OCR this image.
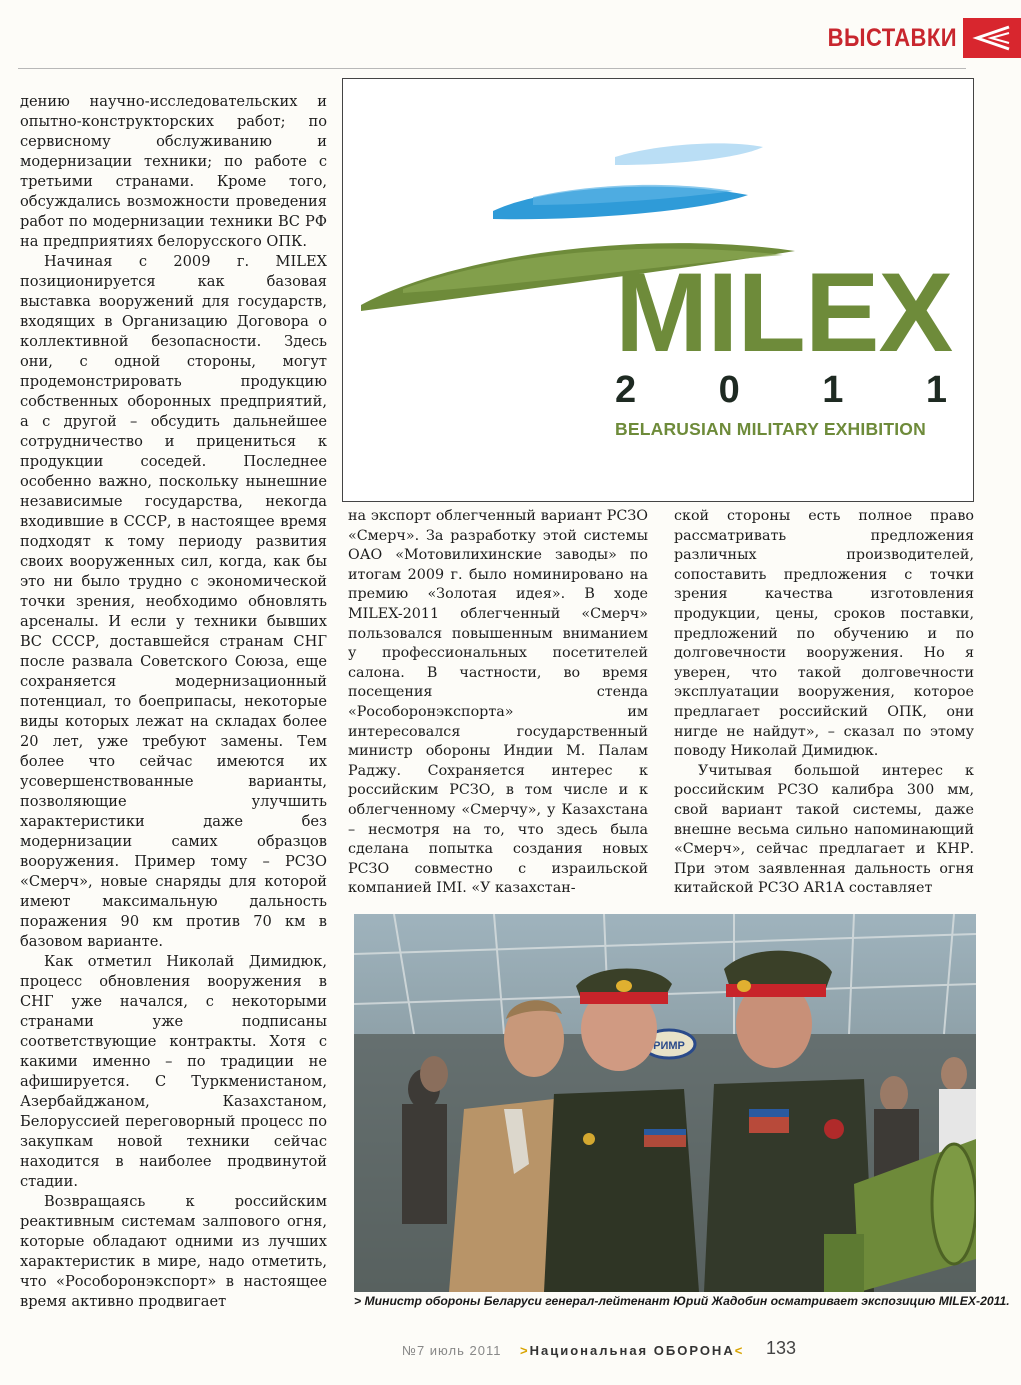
ВЫСТАВКИ
MILEX
2 0 1 1
BELARUSIAN MILITARY EXHIBITION

дению научно-исследовательских и опытно-конструкторских работ; по сервисному обслуживанию и модернизации техники; по работе с третьими странами. Кроме того, обсуждались возможности проведения работ по модернизации техники ВС РФ на предприятиях белорусского ОПК.

Начиная с 2009 г. MILEX позиционируется как базовая выставка вооружений для государств, входящих в Организацию Договора о коллективной безопасности. Здесь они, с одной стороны, могут продемонстрировать продукцию собственных оборонных предприятий, а с другой – обсудить дальнейшее сотрудничество и прицениться к продукции соседей. Последнее особенно важно, поскольку нынешние независимые государства, некогда входившие в СССР, в настоящее время подходят к тому периоду развития своих вооруженных сил, когда, как бы это ни было трудно с экономической точки зрения, необходимо обновлять арсеналы. И если у техники бывших ВС СССР, доставшейся странам СНГ после развала Советского Союза, еще сохраняется модернизационный потенциал, то боеприпасы, некоторые виды которых лежат на складах более 20 лет, уже требуют замены. Тем более что сейчас имеются их усовершенствованные варианты, позволяющие улучшить характеристики даже без модернизации самих образцов вооружения. Пример тому – РСЗО «Смерч», новые снаряды для которой имеют максимальную дальность поражения 90 км против 70 км в базовом варианте.

Как отметил Николай Димидюк, процесс обновления вооружения в СНГ уже начался, с некоторыми странами уже подписаны соответствующие контракты. Хотя с какими именно – по традиции не афишируется. С Туркменистаном, Азербайджаном, Казахстаном, Белоруссией переговорный процесс по закупкам новой техники сейчас находится в наиболее продвинутой стадии.

Возвращаясь к российским реактивным системам залпового огня, которые обладают одними из лучших характеристик в мире, надо отметить, что «Рособоронэкспорт» в настоящее время активно продвигает

на экспорт облегченный вариант РСЗО «Смерч». За разработку этой системы ОАО «Мотовилихинские заводы» по итогам 2009 г. было номинировано на премию «Золотая идея». В ходе MILEX-2011 облегченный «Смерч» пользовался повышенным вниманием у профессиональных посетителей салона. В частности, во время посещения стенда «Рособоронэкспорта» им интересовался государственный министр обороны Индии М. Палам Раджу. Сохраняется интерес к российским РСЗО, в том числе и к облегченному «Смерчу», у Казахстана – несмотря на то, что здесь была сделана попытка создания новых РСЗО совместно с израильской компанией IMI. «У казахстан-

ской стороны есть полное право рассматривать предложения различных производителей, сопоставить предложения с точки зрения качества изготовления продукции, цены, сроков поставки, предложений по обучению и по долговечности вооружения. Но я уверен, что такой долговечности эксплуатации вооружения, которое предлагает российский ОПК, они нигде не найдут», – сказал по этому поводу Николай Димидюк.

Учитывая большой интерес к российским РСЗО калибра 300 мм, свой вариант такой системы, даже внешне весьма сильно напоминающий «Смерч», сейчас предлагает и КНР. При этом заявленная дальность огня китайской РСЗО AR1A составляет

РИМР
> Министр обороны Беларуси генерал-лейтенант Юрий Жадобин осматривает экспозицию MILEX-2011.
№7 июль 2011 >Национальная ОБОРОНА< 133
